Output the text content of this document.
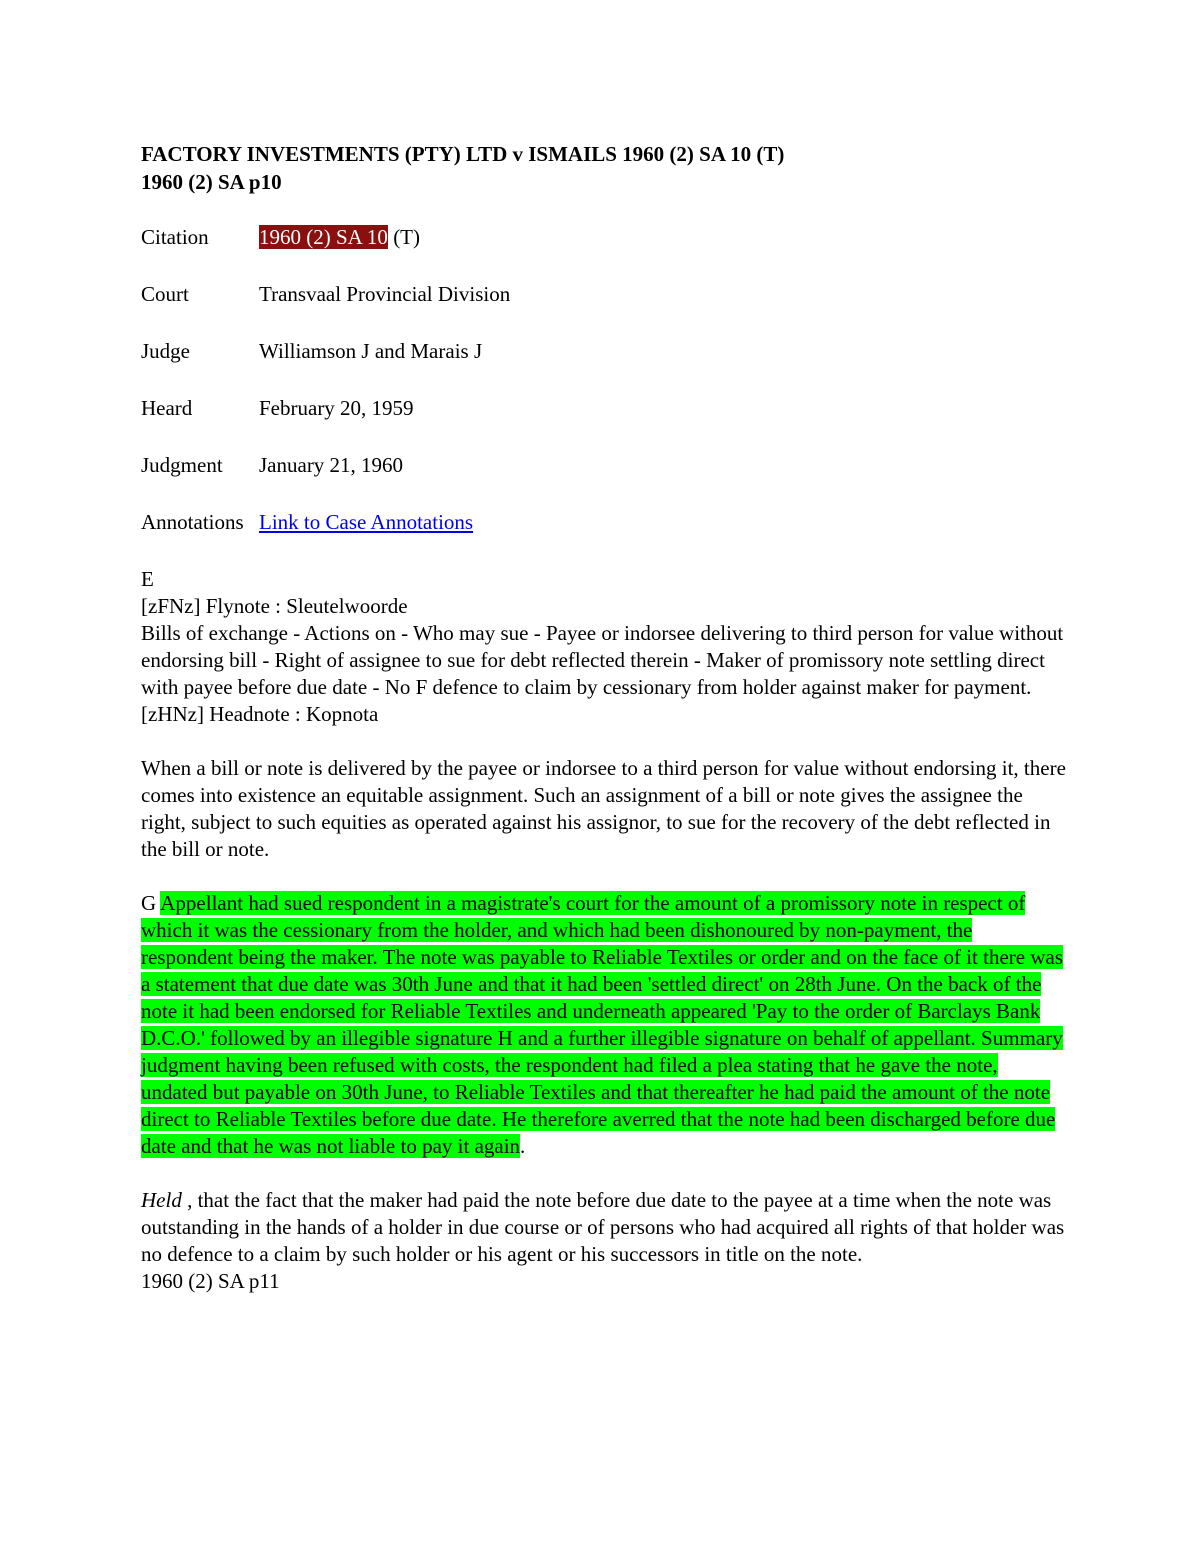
FACTORY INVESTMENTS (PTY) LTD v ISMAILS 1960 (2) SA 10 (T)
1960 (2) SA p10
Citation	1960 (2) SA 10 (T)
Court	Transvaal Provincial Division
Judge	Williamson J and Marais J
Heard	February 20, 1959
Judgment	January 21, 1960
Annotations Link to Case Annotations

E

[zFNz] Flynote : Sleutelwoorde

Bills of exchange - Actions on - Who may sue - Payee or indorsee delivering to third person for value without endorsing bill - Right of assignee to sue for debt reflected therein - Maker of promissory note settling direct with payee before due date - No F defence to claim by cessionary from holder against maker for payment.

[zHNz] Headnote : Kopnota

When a bill or note is delivered by the payee or indorsee to a third person for value without endorsing it, there comes into existence an equitable assignment. Such an assignment of a bill or note gives the assignee the right, subject to such equities as operated against his assignor, to sue for the recovery of the debt reflected in the bill or note.

G Appellant had sued respondent in a magistrate's court for the amount of a promissory note in respect of which it was the cessionary from the holder, and which had been dishonoured by non-payment, the respondent being the maker. The note was payable to Reliable Textiles or order and on the face of it there was a statement that due date was 30th June and that it had been 'settled direct' on 28th June. On the back of the note it had been endorsed for Reliable Textiles and underneath appeared 'Pay to the order of Barclays Bank D.C.O.' followed by an illegible signature H and a further illegible signature on behalf of appellant. Summary judgment having been refused with costs, the respondent had filed a plea stating that he gave the note, undated but payable on 30th June, to Reliable Textiles and that thereafter he had paid the amount of the note direct to Reliable Textiles before due date. He therefore averred that the note had been discharged before due date and that he was not liable to pay it again.

Held , that the fact that the maker had paid the note before due date to the payee at a time when the note was outstanding in the hands of a holder in due course or of persons who had acquired all rights of that holder was no defence to a claim by such holder or his agent or his successors in title on the note.

1960 (2) SA p11
